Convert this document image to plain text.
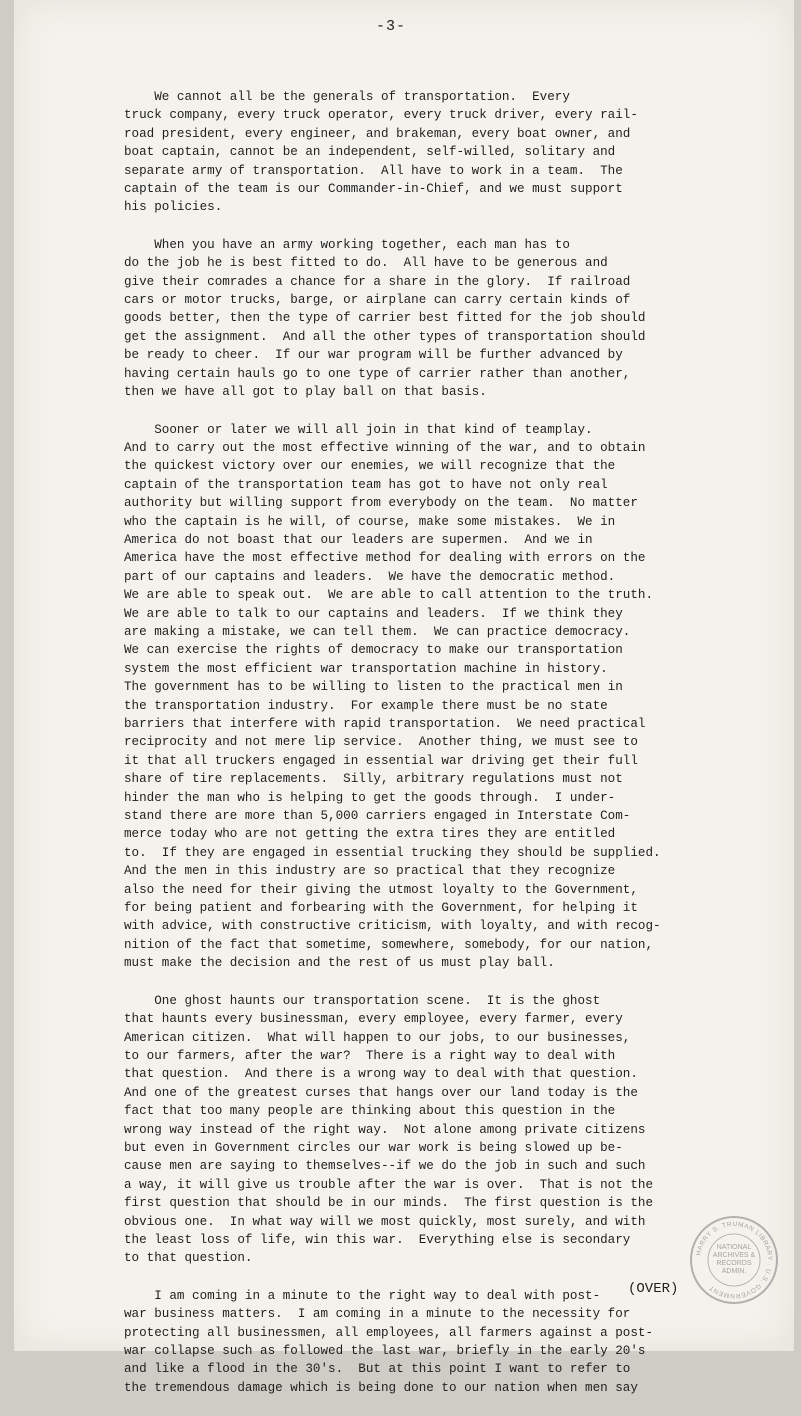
-3-
We cannot all be the generals of transportation.  Every
truck company, every truck operator, every truck driver, every rail-
road president, every engineer, and brakeman, every boat owner, and
boat captain, cannot be an independent, self-willed, solitary and
separate army of transportation.  All have to work in a team.  The
captain of the team is our Commander-in-Chief, and we must support
his policies.
When you have an army working together, each man has to
do the job he is best fitted to do.  All have to be generous and
give their comrades a chance for a share in the glory.  If railroad
cars or motor trucks, barge, or airplane can carry certain kinds of
goods better, then the type of carrier best fitted for the job should
get the assignment.  And all the other types of transportation should
be ready to cheer.  If our war program will be further advanced by
having certain hauls go to one type of carrier rather than another,
then we have all got to play ball on that basis.
Sooner or later we will all join in that kind of teamplay.
And to carry out the most effective winning of the war, and to obtain
the quickest victory over our enemies, we will recognize that the
captain of the transportation team has got to have not only real
authority but willing support from everybody on the team.  No matter
who the captain is he will, of course, make some mistakes.  We in
America do not boast that our leaders are supermen.  And we in
America have the most effective method for dealing with errors on the
part of our captains and leaders.  We have the democratic method.
We are able to speak out.  We are able to call attention to the truth.
We are able to talk to our captains and leaders.  If we think they
are making a mistake, we can tell them.  We can practice democracy.
We can exercise the rights of democracy to make our transportation
system the most efficient war transportation machine in history.
The government has to be willing to listen to the practical men in
the transportation industry.  For example there must be no state
barriers that interfere with rapid transportation.  We need practical
reciprocity and not mere lip service.  Another thing, we must see to
it that all truckers engaged in essential war driving get their full
share of tire replacements.  Silly, arbitrary regulations must not
hinder the man who is helping to get the goods through.  I under-
stand there are more than 5,000 carriers engaged in Interstate Com-
merce today who are not getting the extra tires they are entitled
to.  If they are engaged in essential trucking they should be supplied.
And the men in this industry are so practical that they recognize
also the need for their giving the utmost loyalty to the Government,
for being patient and forbearing with the Government, for helping it
with advice, with constructive criticism, with loyalty, and with recog-
nition of the fact that sometime, somewhere, somebody, for our nation,
must make the decision and the rest of us must play ball.
One ghost haunts our transportation scene.  It is the ghost
that haunts every businessman, every employee, every farmer, every
American citizen.  What will happen to our jobs, to our businesses,
to our farmers, after the war?  There is a right way to deal with
that question.  And there is a wrong way to deal with that question.
And one of the greatest curses that hangs over our land today is the
fact that too many people are thinking about this question in the
wrong way instead of the right way.  Not alone among private citizens
but even in Government circles our war work is being slowed up be-
cause men are saying to themselves--if we do the job in such and such
a way, it will give us trouble after the war is over.  That is not the
first question that should be in our minds.  The first question is the
obvious one.  In what way will we most quickly, most surely, and with
the least loss of life, win this war.  Everything else is secondary
to that question.
I am coming in a minute to the right way to deal with post-
war business matters.  I am coming in a minute to the necessity for
protecting all businessmen, all employees, all farmers against a post-
war collapse such as followed the last war, briefly in the early 20's
and like a flood in the 30's.  But at this point I want to refer to
the tremendous damage which is being done to our nation when men say
(OVER)
HARRY S. TRUMAN LIBRARY · U.S. GOVERNMENT
NATIONAL ARCHIVES & RECORDS ADMIN.
